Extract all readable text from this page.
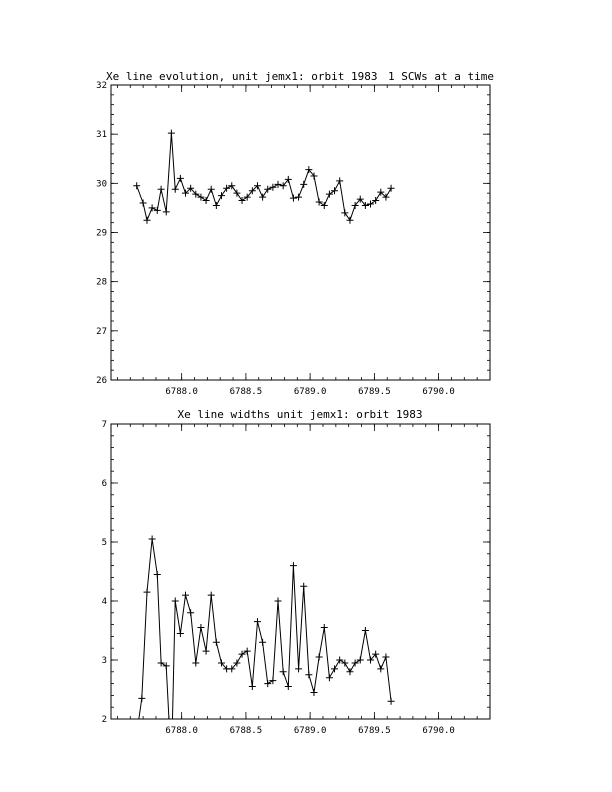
Xe line evolution, unit jemx1: orbit 1983 1 SCWs at a time
6788.0	6788.5	6789.0	6789.5	6790.0
26
27
28
29
30
31
32
Xe line widths unit jemx1: orbit 1983
6788.0	6788.5	6789.0	6789.5	6790.0
2
3
4
5
6
7
